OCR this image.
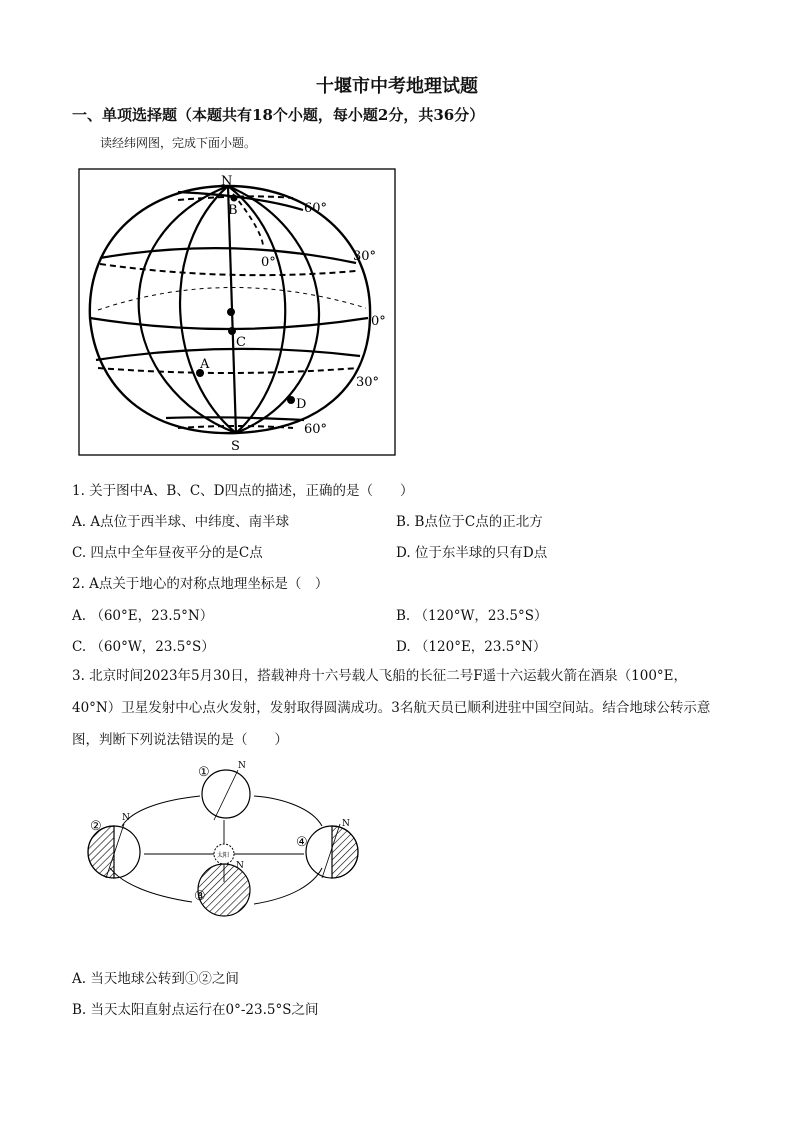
十堰市中考地理试题
一、单项选择题（本题共有18个小题，每小题2分，共36分）
读经纬网图，完成下面小题。
N
S
B
C
A
D
60°
30°
0°
0°
30°
60°
1. 关于图中A、B、C、D四点的描述，正确的是（　　）
A. A点位于西半球、中纬度、南半球	B. B点位于C点的正北方
C. 四点中全年昼夜平分的是C点	D. 位于东半球的只有D点
2. A点关于地心的对称点地理坐标是（　）
A. （60°E，23.5°N）	B. （120°W，23.5°S）
C. （60°W，23.5°S）	D. （120°E，23.5°N）
3. 北京时间2023年5月30日，搭载神舟十六号载人飞船的长征二号F遥十六运载火箭在酒泉（100°E，40°N）卫星发射中心点火发射，发射取得圆满成功。3名航天员已顺利进驻中国空间站。结合地球公转示意图，判断下列说法错误的是（　　）
太阳
①	N
②
N
③
N
④
N
A. 当天地球公转到①②之间
B. 当天太阳直射点运行在0°-23.5°S之间
